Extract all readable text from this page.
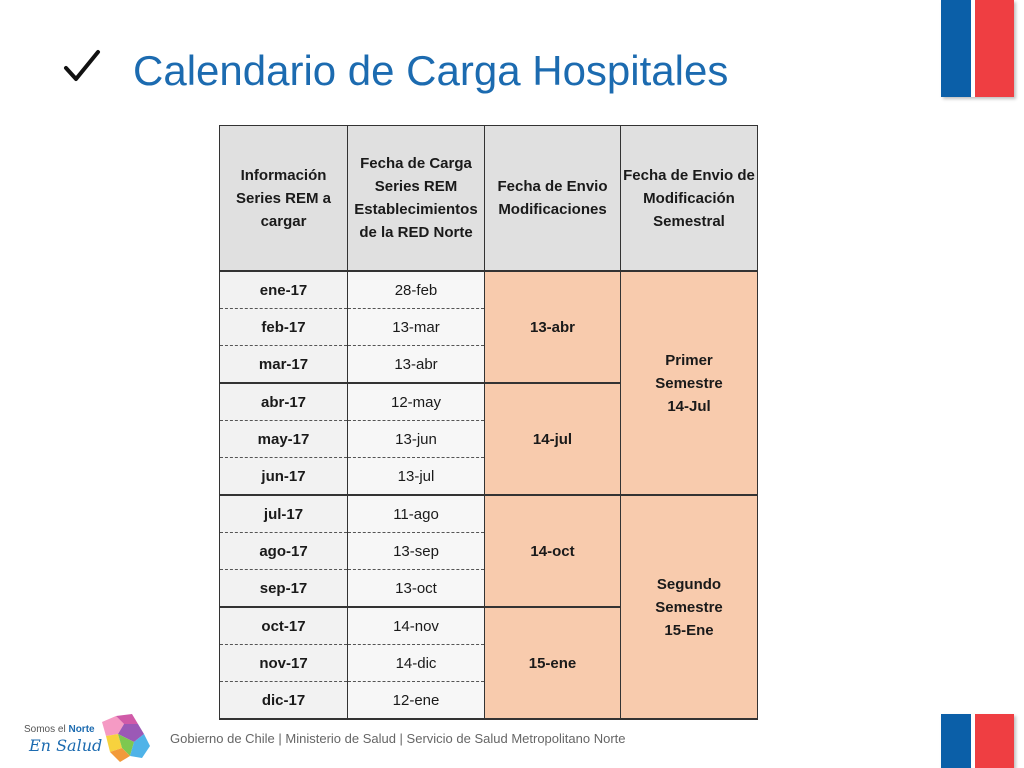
Calendario de Carga Hospitales
Información Series REM a cargar	Fecha de Carga Series REM Establecimientos de la RED Norte	Fecha de Envio Modificaciones	Fecha de Envio de Modificación Semestral
ene-17	28-feb	13-abr	Primer
Semestre
14-Jul
feb-17	13-mar		
mar-17	13-abr		
abr-17	12-may	14-jul	
may-17	13-jun		
jun-17	13-jul		
jul-17	11-ago	14-oct	Segundo
Semestre
15-Ene
ago-17	13-sep		
sep-17	13-oct		
oct-17	14-nov	15-ene	
nov-17	14-dic		
dic-17	12-ene		
Somos el Norte
En Salud	Gobierno de Chile | Ministerio de Salud | Servicio de Salud Metropolitano Norte
